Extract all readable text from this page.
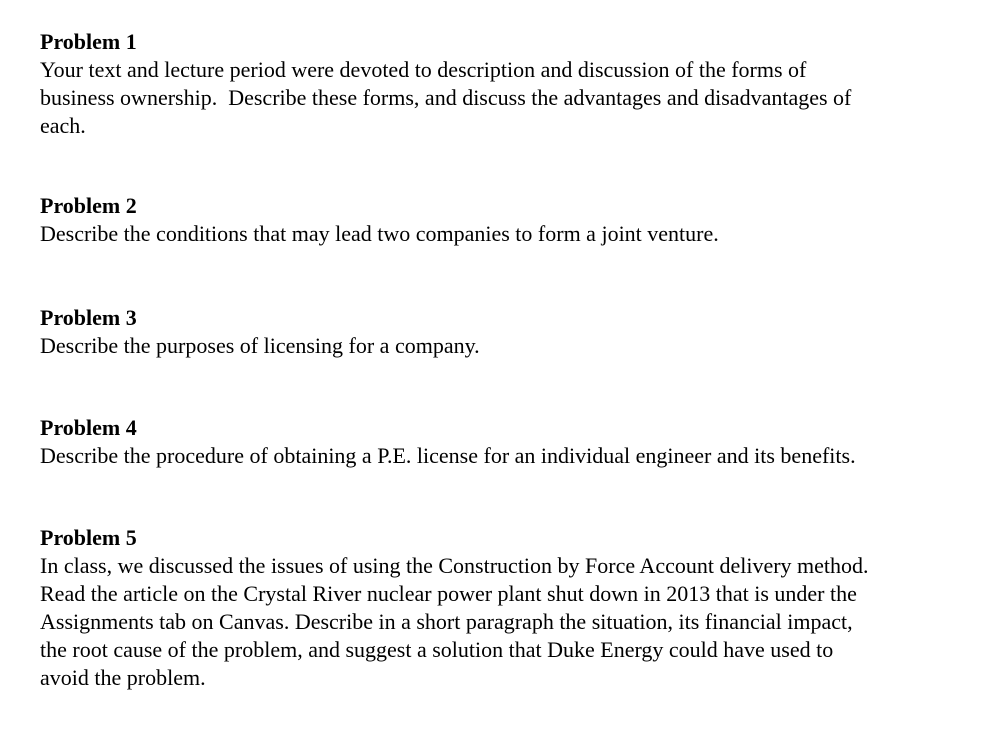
Problem 1
Your text and lecture period were devoted to description and discussion of the forms of
business ownership.  Describe these forms, and discuss the advantages and disadvantages of
each.
Problem 2
Describe the conditions that may lead two companies to form a joint venture.
Problem 3
Describe the purposes of licensing for a company.
Problem 4
Describe the procedure of obtaining a P.E. license for an individual engineer and its benefits.
Problem 5
In class, we discussed the issues of using the Construction by Force Account delivery method.
Read the article on the Crystal River nuclear power plant shut down in 2013 that is under the
Assignments tab on Canvas. Describe in a short paragraph the situation, its financial impact,
the root cause of the problem, and suggest a solution that Duke Energy could have used to
avoid the problem.
